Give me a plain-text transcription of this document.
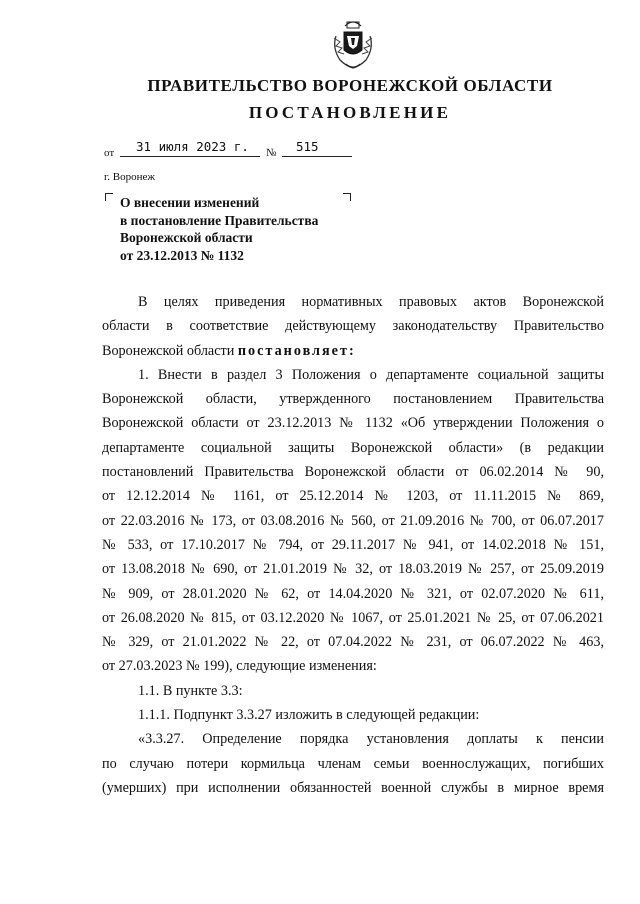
ПРАВИТЕЛЬСТВО ВОРОНЕЖСКОЙ ОБЛАСТИ
ПОСТАНОВЛЕНИЕ
от 31 июля 2023 г. № 515
г. Воронеж
О внесении изменений
в постановление Правительства
Воронежской области
от 23.12.2013 № 1132

В целях приведения нормативных правовых актов Воронежской

области в соответствие действующему законодательству Правительство

Воронежской области постановляет:

1. Внести в раздел 3 Положения о департаменте социальной защиты

Воронежской области, утвержденного постановлением Правительства

Воронежской области от 23.12.2013 № 1132 «Об утверждении Положения о

департаменте социальной защиты Воронежской области» (в редакции

постановлений Правительства Воронежской области от 06.02.2014 № 90,

от 12.12.2014 № 1161, от 25.12.2014 № 1203, от 11.11.2015 № 869,

от 22.03.2016 № 173, от 03.08.2016 № 560, от 21.09.2016 № 700, от 06.07.2017

№ 533, от 17.10.2017 № 794, от 29.11.2017 № 941, от 14.02.2018 № 151,

от 13.08.2018 № 690, от 21.01.2019 № 32, от 18.03.2019 № 257, от 25.09.2019

№ 909, от 28.01.2020 № 62, от 14.04.2020 № 321, от 02.07.2020 № 611,

от 26.08.2020 № 815, от 03.12.2020 № 1067, от 25.01.2021 № 25, от 07.06.2021

№ 329, от 21.01.2022 № 22, от 07.04.2022 № 231, от 06.07.2022 № 463,

от 27.03.2023 № 199), следующие изменения:

1.1. В пункте 3.3:

1.1.1. Подпункт 3.3.27 изложить в следующей редакции:

«3.3.27. Определение порядка установления доплаты к пенсии

по случаю потери кормильца членам семьи военнослужащих, погибших

(умерших) при исполнении обязанностей военной службы в мирное время
